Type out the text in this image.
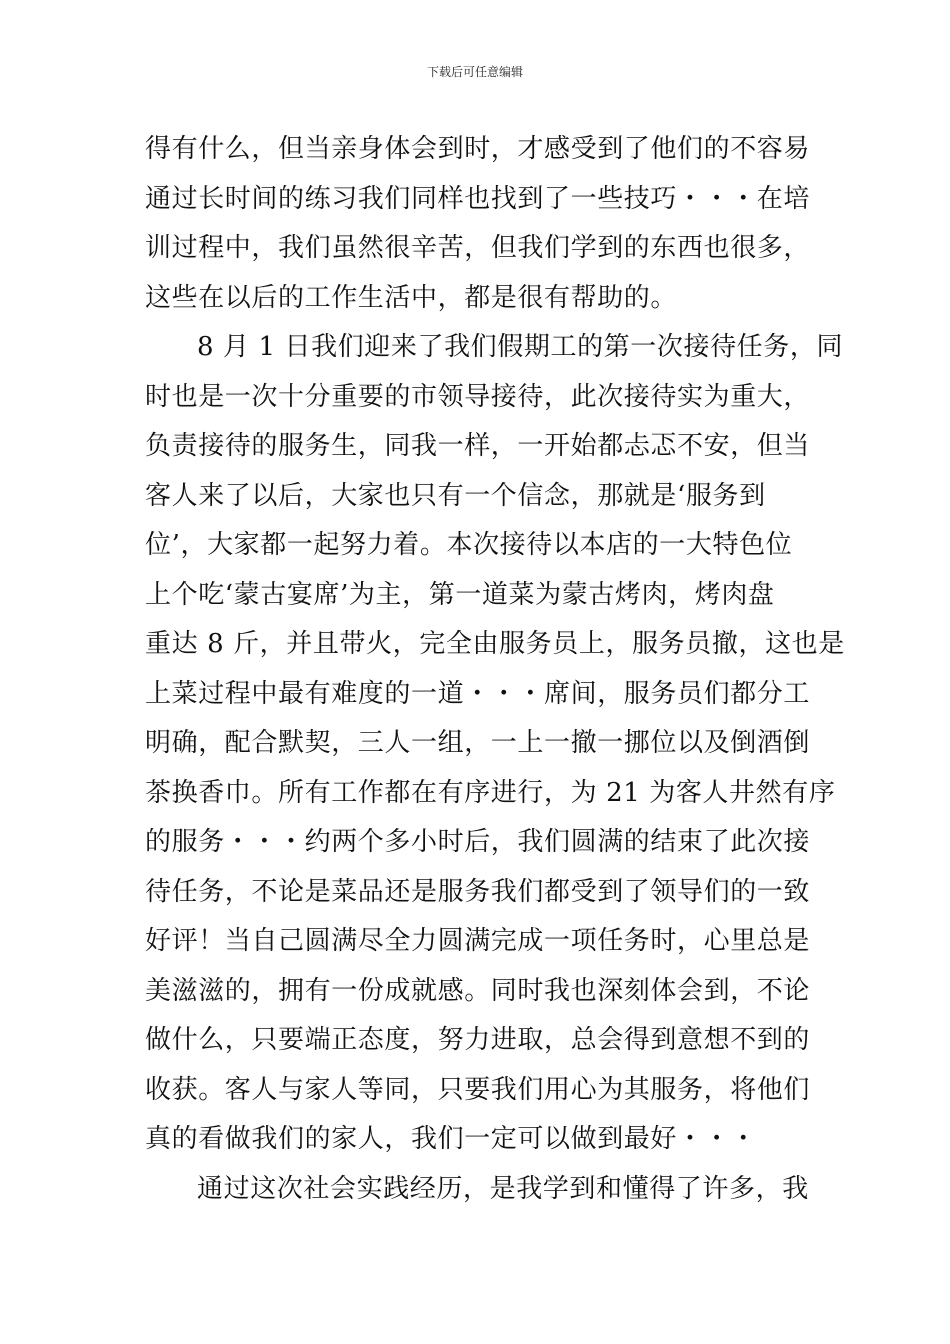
下载后可任意编辑
得有什么，但当亲身体会到时，才感受到了他们的不容易
通过长时间的练习我们同样也找到了一些技巧・・・在培
训过程中，我们虽然很辛苦，但我们学到的东西也很多，
这些在以后的工作生活中，都是很有帮助的。
8 月 1 日我们迎来了我们假期工的第一次接待任务，同
时也是一次十分重要的市领导接待，此次接待实为重大，
负责接待的服务生，同我一样，一开始都忐忑不安，但当
客人来了以后，大家也只有一个信念，那就是‘服务到
位’，大家都一起努力着。本次接待以本店的一大特色位
上个吃‘蒙古宴席’为主，第一道菜为蒙古烤肉，烤肉盘
重达 8 斤，并且带火，完全由服务员上，服务员撤，这也是
上菜过程中最有难度的一道・・・席间，服务员们都分工
明确，配合默契，三人一组，一上一撤一挪位以及倒酒倒
茶换香巾。所有工作都在有序进行，为 21 为客人井然有序
的服务・・・约两个多小时后，我们圆满的结束了此次接
待任务，不论是菜品还是服务我们都受到了领导们的一致
好评！当自己圆满尽全力圆满完成一项任务时，心里总是
美滋滋的，拥有一份成就感。同时我也深刻体会到，不论
做什么，只要端正态度，努力进取，总会得到意想不到的
收获。客人与家人等同，只要我们用心为其服务，将他们
真的看做我们的家人，我们一定可以做到最好・・・
通过这次社会实践经历，是我学到和懂得了许多，我
